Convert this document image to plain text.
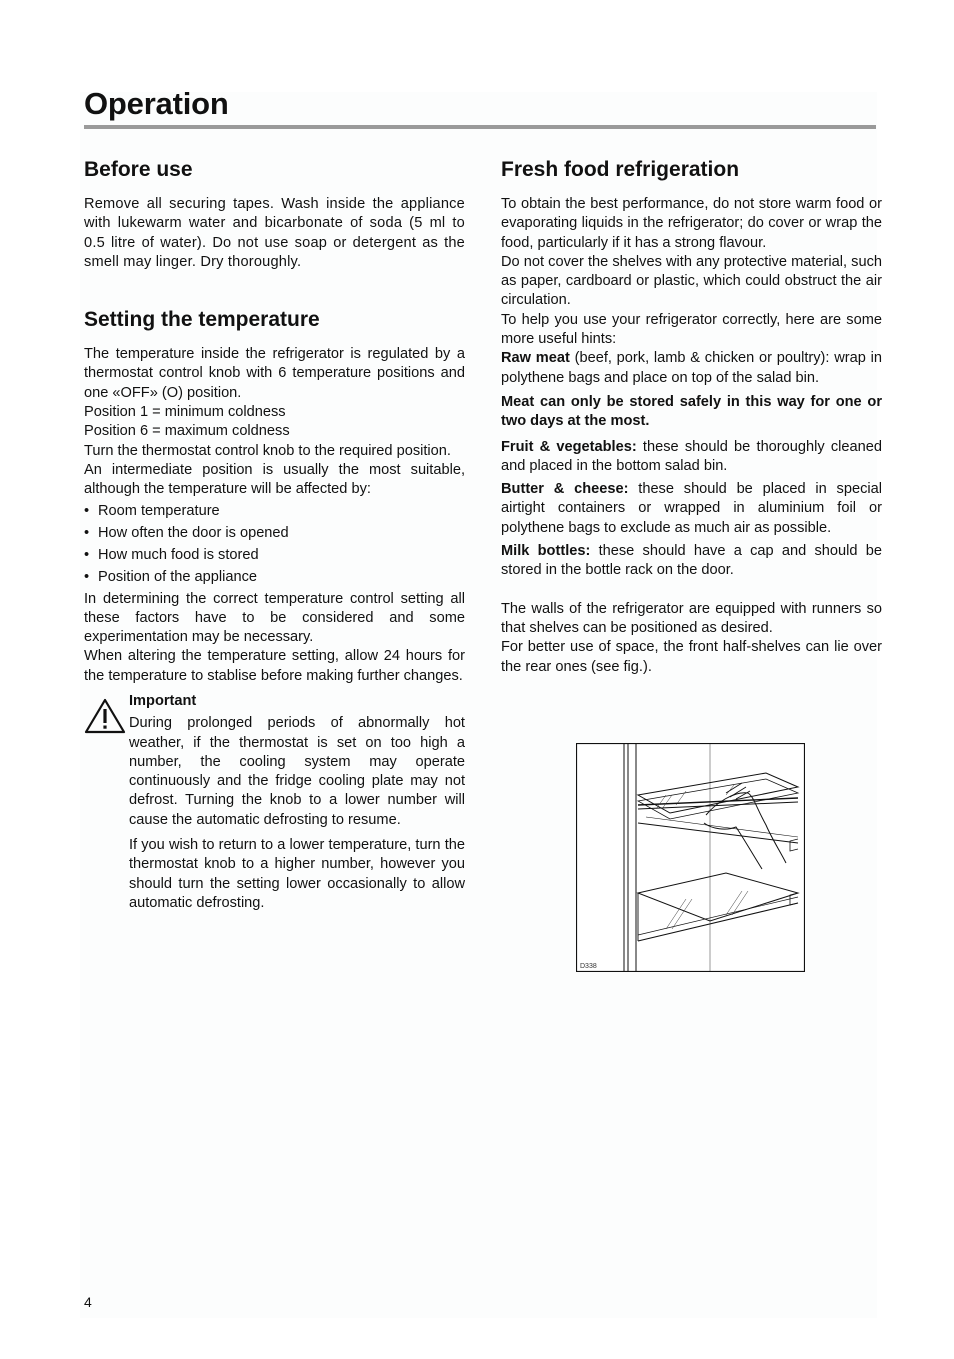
Operation
Before use

Remove all securing tapes. Wash inside the appliance with lukewarm water and bicarbonate of soda (5 ml to 0.5 litre of water). Do not use soap or detergent as the smell may linger. Dry thoroughly.

Setting the temperature

The temperature inside the refrigerator is regulated by a thermostat control knob with 6 temperature positions and one «OFF» (O) position.

Position 1 = minimum coldness

Position 6 = maximum coldness

Turn the thermostat control knob to the required position.

An intermediate position is usually the most suitable, although the temperature will be affected by:

• Room temperature
• How often the door is opened
• How much food is stored
• Position of the appliance

In determining the correct temperature control setting all these factors have to be considered and some experimentation may be necessary.

When altering the temperature setting, allow 24 hours for the temperature to stablise before making further changes.

Important

During prolonged periods of abnormally hot weather, if the thermostat is set on too high a number, the cooling system may operate continuously and the fridge cooling plate may not defrost. Turning the knob to a lower number will cause the automatic defrosting to resume.

If you wish to return to a lower temperature, turn the thermostat knob to a higher number, however you should turn the setting lower occasionally to allow automatic defrosting.

Fresh food refrigeration

To obtain the best performance, do not store warm food or evaporating liquids in the refrigerator; do cover or wrap the food, particularly if it has a strong flavour.

Do not cover the shelves with any protective material, such as paper, cardboard or plastic, which could obstruct the air circulation.

To help you use your refrigerator correctly, here are some more useful hints:

Raw meat (beef, pork, lamb & chicken or poultry): wrap in polythene bags and place on top of the salad bin.

Meat can only be stored safely in this way for one or two days at the most.

Fruit & vegetables: these should be thoroughly cleaned and placed in the bottom salad bin.

Butter & cheese: these should be placed in special airtight containers or wrapped in aluminium foil or polythene bags to exclude as much air as possible.

Milk bottles: these should have a cap and should be stored in the bottle rack on the door.

The walls of the refrigerator are equipped with runners so that shelves can be positioned as desired.

For better use of space, the front half-shelves can lie over the rear ones (see fig.).

D338
4
